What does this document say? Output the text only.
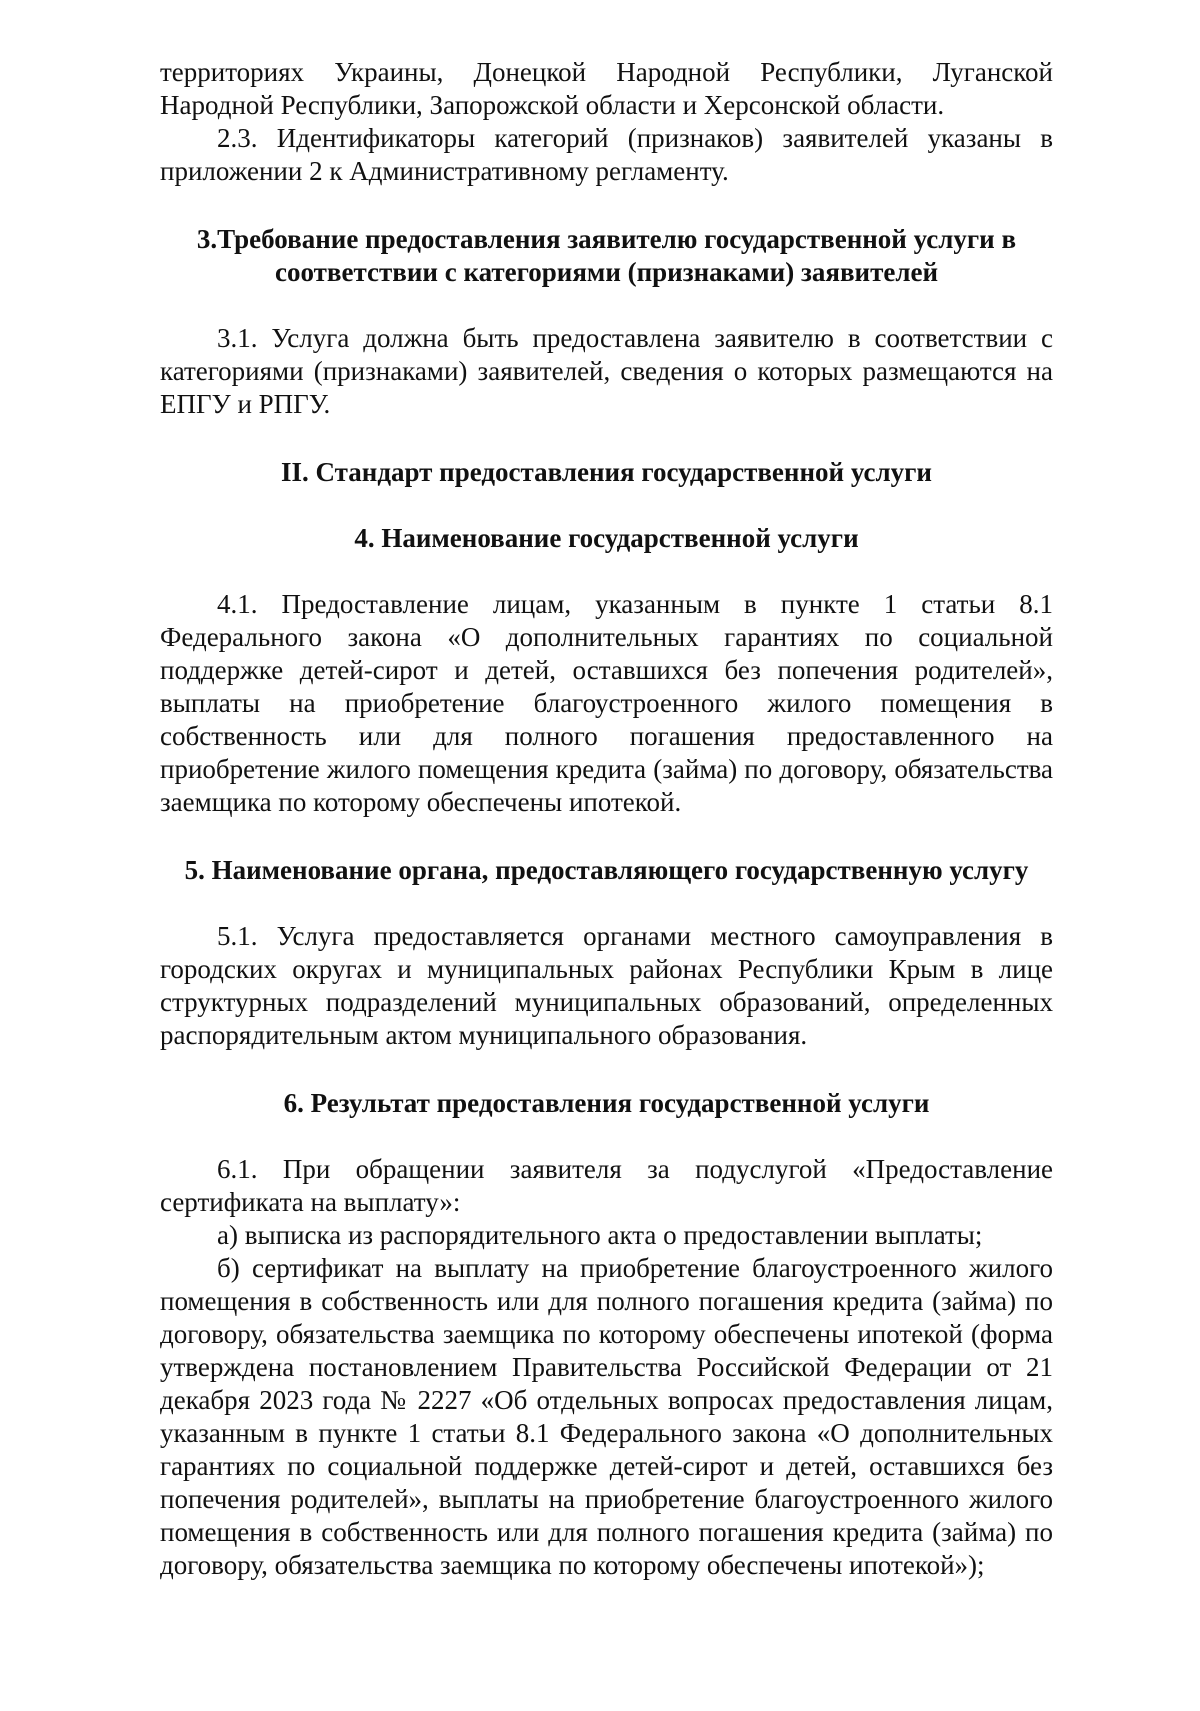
территориях Украины, Донецкой Народной Республики, Луганской Народной Республики, Запорожской области и Херсонской области.

2.3. Идентификаторы категорий (признаков) заявителей указаны в приложении 2 к Административному регламенту.

3.Требование предоставления заявителю государственной услуги в
соответствии с категориями (признаками) заявителей

3.1. Услуга должна быть предоставлена заявителю в соответствии с категориями (признаками) заявителей, сведения о которых размещаются на ЕПГУ и РПГУ.

II. Стандарт предоставления государственной услуги
4. Наименование государственной услуги

4.1. Предоставление лицам, указанным в пункте 1 статьи 8.1 Федерального закона «О дополнительных гарантиях по социальной поддержке детей-сирот и детей, оставшихся без попечения родителей», выплаты на приобретение благоустроенного жилого помещения в собственность или для полного погашения предоставленного на приобретение жилого помещения кредита (займа) по договору, обязательства заемщика по которому обеспечены ипотекой.

5. Наименование органа, предоставляющего государственную услугу

5.1. Услуга предоставляется органами местного самоуправления в городских округах и муниципальных районах Республики Крым в лице структурных подразделений муниципальных образований, определенных распорядительным актом муниципального образования.

6. Результат предоставления государственной услуги

6.1. При обращении заявителя за подуслугой «Предоставление сертификата на выплату»:

а) выписка из распорядительного акта о предоставлении выплаты;

б) сертификат на выплату на приобретение благоустроенного жилого помещения в собственность или для полного погашения кредита (займа) по договору, обязательства заемщика по которому обеспечены ипотекой (форма утверждена постановлением Правительства Российской Федерации от 21 декабря 2023 года № 2227 «Об отдельных вопросах предоставления лицам, указанным в пункте 1 статьи 8.1 Федерального закона «О дополнительных гарантиях по социальной поддержке детей-сирот и детей, оставшихся без попечения родителей», выплаты на приобретение благоустроенного жилого помещения в собственность или для полного погашения кредита (займа) по договору, обязательства заемщика по которому обеспечены ипотекой»);
